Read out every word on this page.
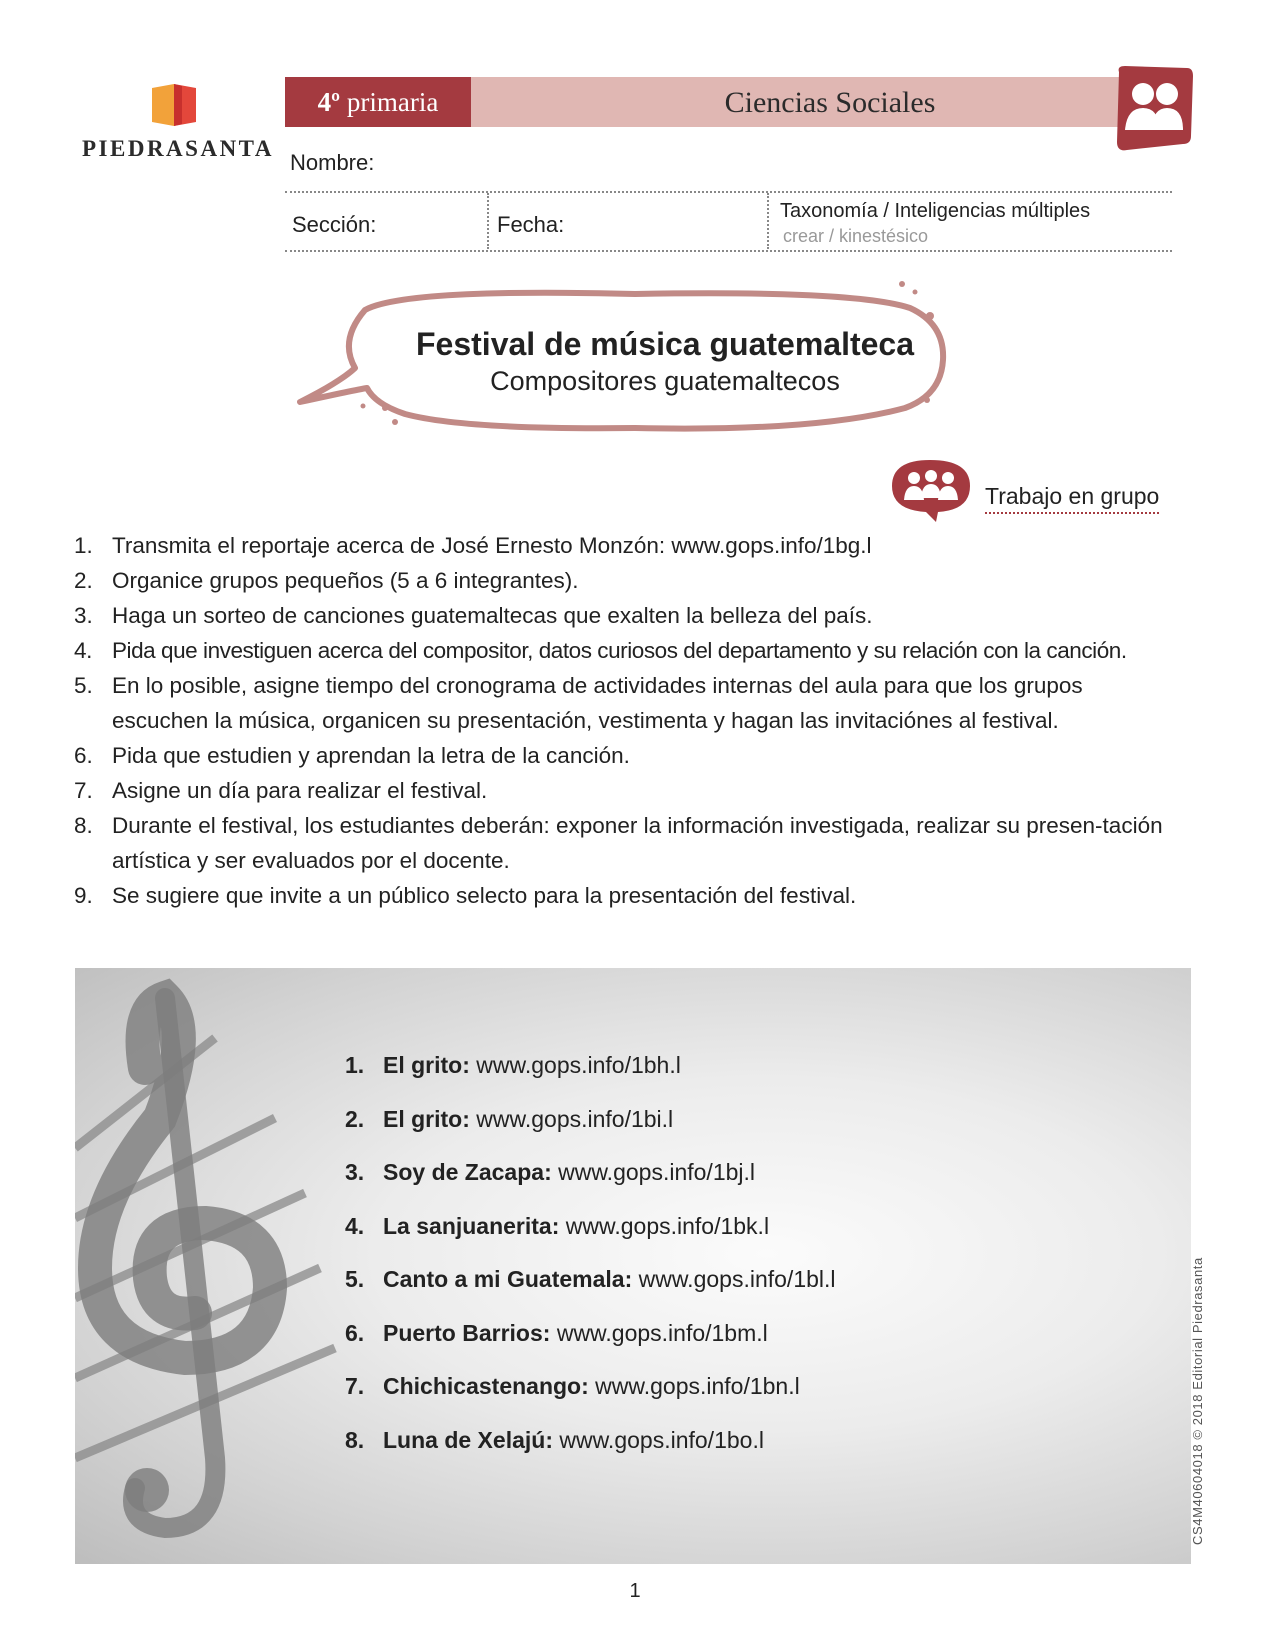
PIEDRASANTA
4º primaria	Ciencias Sociales
Nombre:
Sección:	Fecha:
Taxonomía / Inteligencias múltiples
crear / kinestésico
Festival de música guatemalteca
Compositores guatemaltecos
Trabajo en grupo
1. Transmita el reportaje acerca de José Ernesto Monzón: www.gops.info/1bg.l
2. Organice grupos pequeños (5 a 6 integrantes).
3. Haga un sorteo de canciones guatemaltecas que exalten la belleza del país.
4. Pida que investiguen acerca del compositor, datos curiosos del departamento y su relación con la canción.
5. En lo posible, asigne tiempo del cronograma de actividades internas del aula para que los grupos escuchen la música, organicen su presentación, vestimenta y hagan las invitaciónes al festival.
6. Pida que estudien y aprendan la letra de la canción.
7. Asigne un día para realizar el festival.
8. Durante el festival, los estudiantes deberán: exponer la información investigada, realizar su presen-tación artística y ser evaluados por el docente.
9. Se sugiere que invite a un público selecto para la presentación del festival.
1. El grito: www.gops.info/1bh.l
2. El grito: www.gops.info/1bi.l
3. Soy de Zacapa: www.gops.info/1bj.l
4. La sanjuanerita: www.gops.info/1bk.l
5. Canto a mi Guatemala: www.gops.info/1bl.l
6. Puerto Barrios: www.gops.info/1bm.l
7. Chichicastenango: www.gops.info/1bn.l
8. Luna de Xelajú: www.gops.info/1bo.l	CS4M40604018 © 2018 Editorial Piedrasanta
1
